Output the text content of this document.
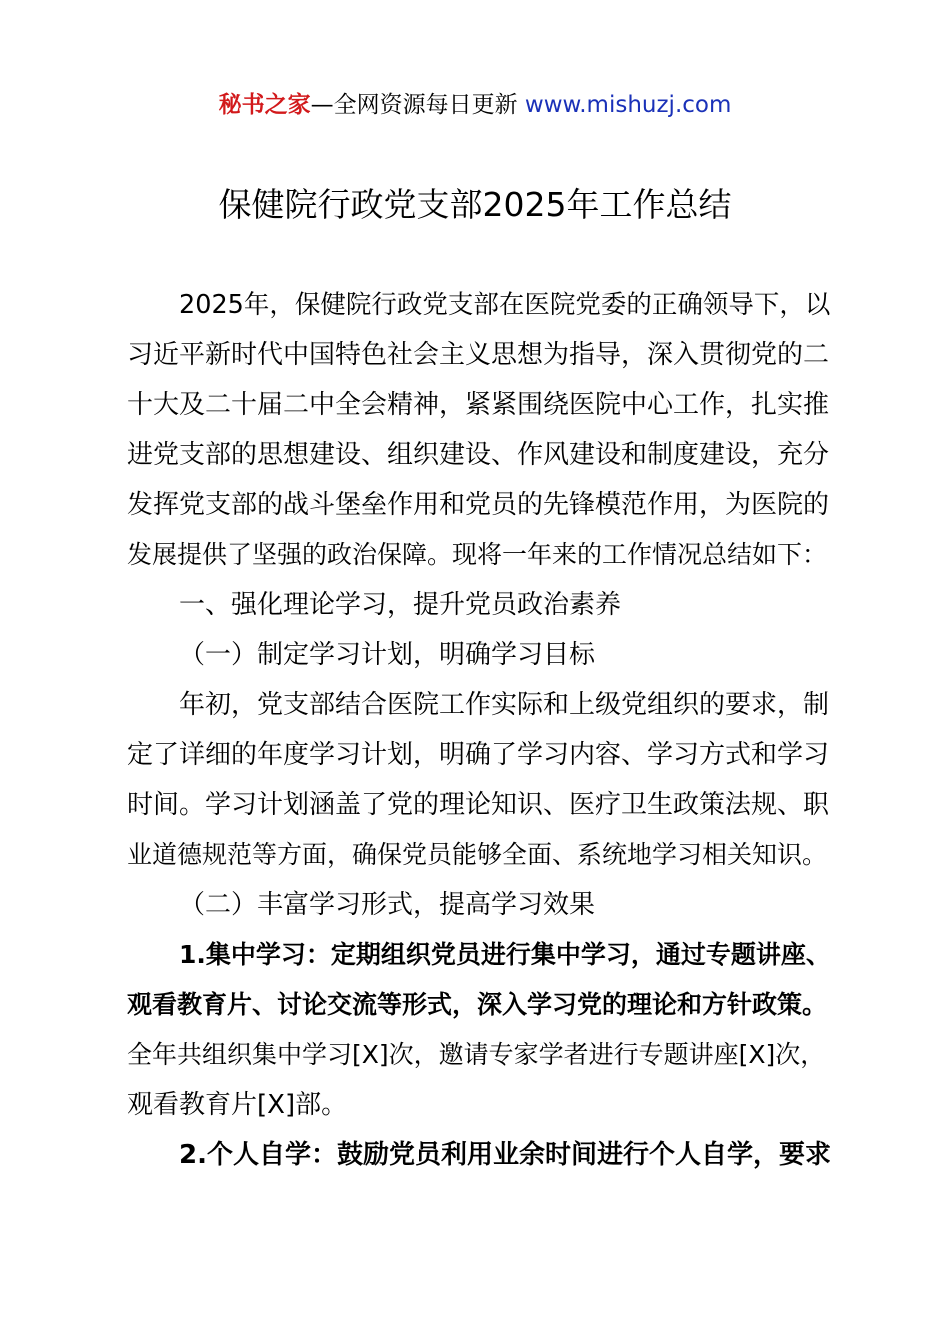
秘书之家—全网资源每日更新 www.mishuzj.com
保健院行政党支部2025年工作总结
2025年，保健院行政党支部在医院党委的正确领导下，以
习近平新时代中国特色社会主义思想为指导，深入贯彻党的二
十大及二十届二中全会精神，紧紧围绕医院中心工作，扎实推
进党支部的思想建设、组织建设、作风建设和制度建设，充分
发挥党支部的战斗堡垒作用和党员的先锋模范作用，为医院的
发展提供了坚强的政治保障。现将一年来的工作情况总结如下：
一、强化理论学习，提升党员政治素养
（一）制定学习计划，明确学习目标
年初，党支部结合医院工作实际和上级党组织的要求，制
定了详细的年度学习计划，明确了学习内容、学习方式和学习
时间。学习计划涵盖了党的理论知识、医疗卫生政策法规、职
业道德规范等方面，确保党员能够全面、系统地学习相关知识。
（二）丰富学习形式，提高学习效果
1.集中学习：定期组织党员进行集中学习，通过专题讲座、
观看教育片、讨论交流等形式，深入学习党的理论和方针政策。
全年共组织集中学习[X]次，邀请专家学者进行专题讲座[X]次，
观看教育片[X]部。
2.个人自学：鼓励党员利用业余时间进行个人自学，要求
